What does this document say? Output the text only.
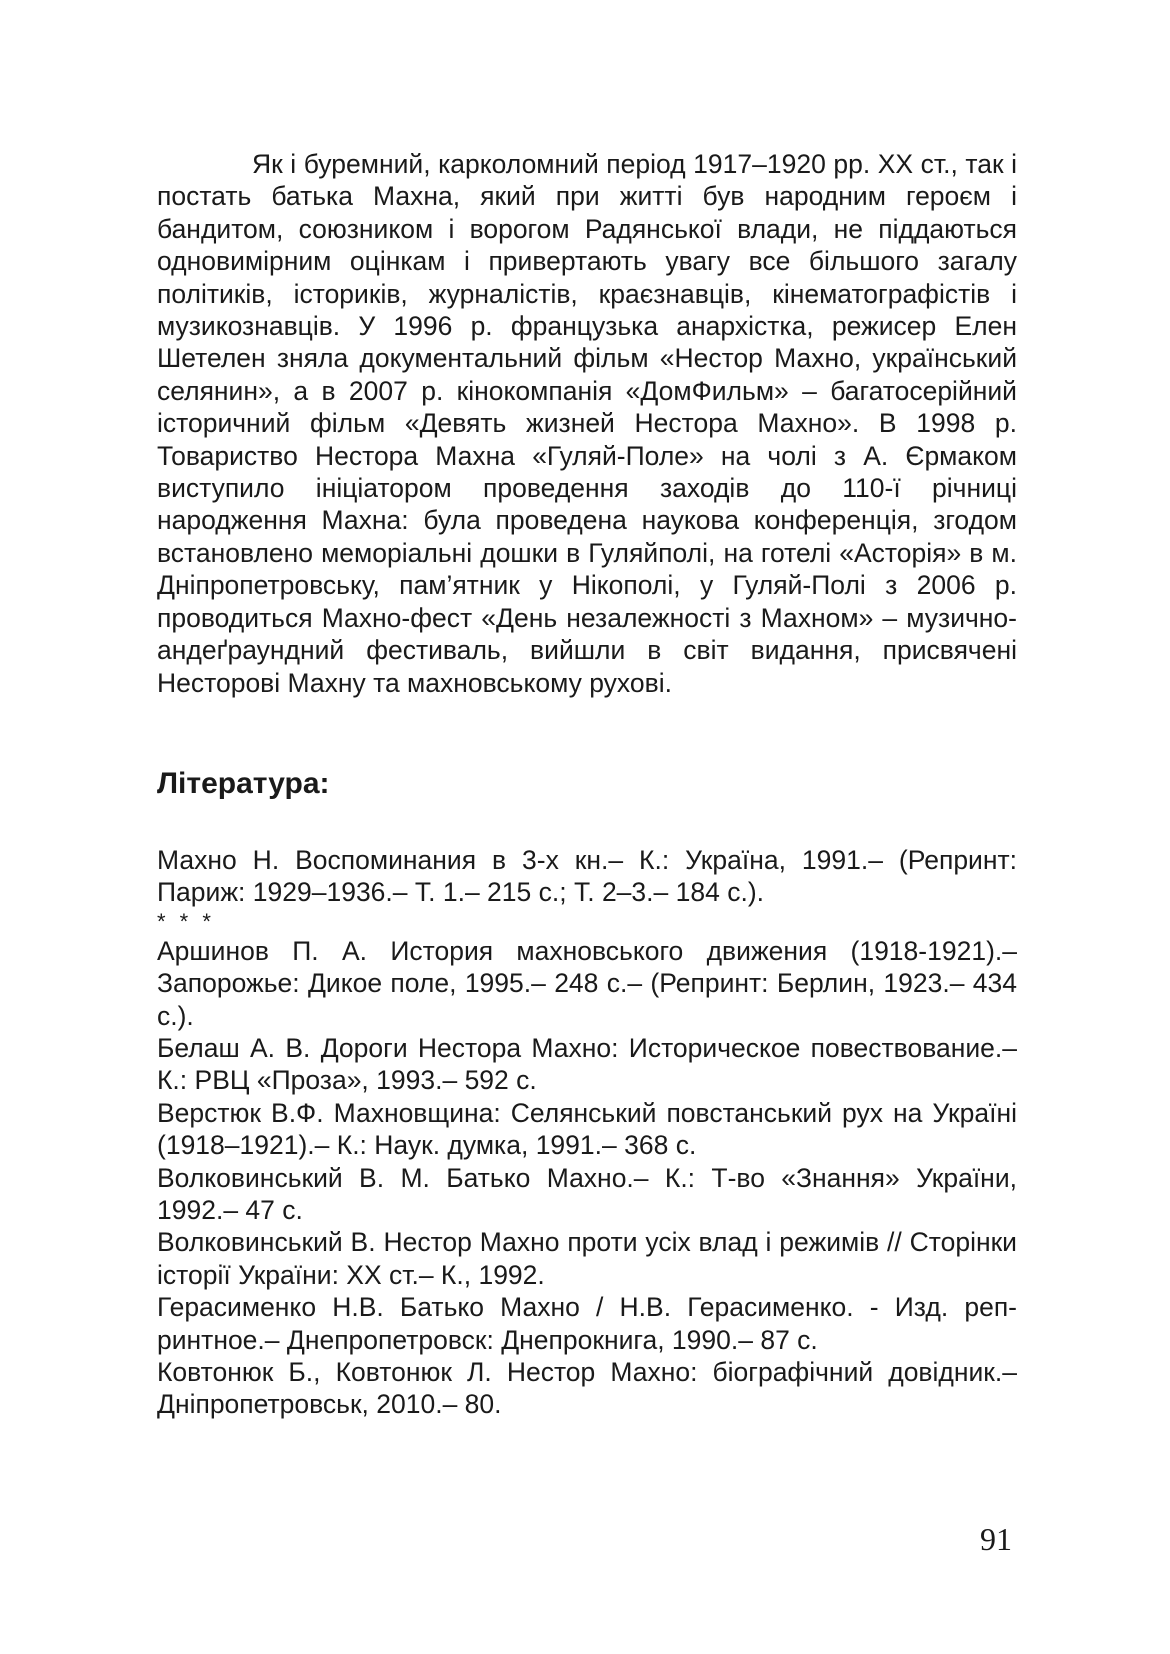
Як і буремний, карколомний період 1917–1920 рр. XX ст., так і постать батька Махна, який при житті був народним героєм і бандитом, союзником і ворогом Радянської влади, не піддаються одновимірним оцінкам і привертають увагу все більшого загалу політиків, істориків, журналістів, краєзнавців, кінематографістів і музикознавців. У 1996 р. французька анархістка, режисер Елен Шетелен зняла документальний фільм «Нестор Махно, український селянин», а в 2007 р. кінокомпанія «ДомФильм» – багатосерійний історичний фільм «Девять жизней Нестора Махно». В 1998 р. Товариство Нестора Махна «Гуляй-Поле» на чолі з А. Єрмаком виступило ініціатором проведення заходів до 110-ї річниці народження Махна: була проведена наукова конференція, згодом встановлено меморіальні дошки в Гуляйполі, на готелі «Асторія» в м. Дніпропетровську, пам’ятник у Нікополі, у Гуляй-Полі з 2006 р. проводиться Махно-фест «День незалежності з Махном» – музично-андеґраундний фестиваль, вийшли в світ видання, присвячені Несторові Махну та махновському рухові.

Література:
Махно Н. Воспоминания в 3-х кн.– К.: Україна, 1991.– (Репринт: Париж: 1929–1936.– Т. 1.– 215 с.; Т. 2–3.– 184 с.).
* * *
Аршинов П. А. История махновського движения (1918-1921).– Запорожье: Дикое поле, 1995.– 248 с.– (Репринт: Берлин, 1923.– 434 с.).
Белаш А. В. Дороги Нестора Махно: Историческое повествование.– К.: РВЦ «Проза», 1993.– 592 с.
Верстюк В.Ф. Махновщина: Селянський повстанський рух на Україні (1918–1921).– К.: Наук. думка, 1991.– 368 с.
Волковинський В. М. Батько Махно.– К.: Т-во «Знання» України, 1992.– 47 с.
Волковинський В. Нестор Махно проти усіх влад і режимів // Сторінки історії України: ХХ ст.– К., 1992.
Герасименко Н.В. Батько Махно / Н.В. Герасименко. - Изд. репринтное.– Днепропетровск: Днепрокнига, 1990.– 87 с.
Ковтонюк Б., Ковтонюк Л. Нестор Махно: біографічний довідник.– Дніпропетровськ, 2010.– 80.
91
